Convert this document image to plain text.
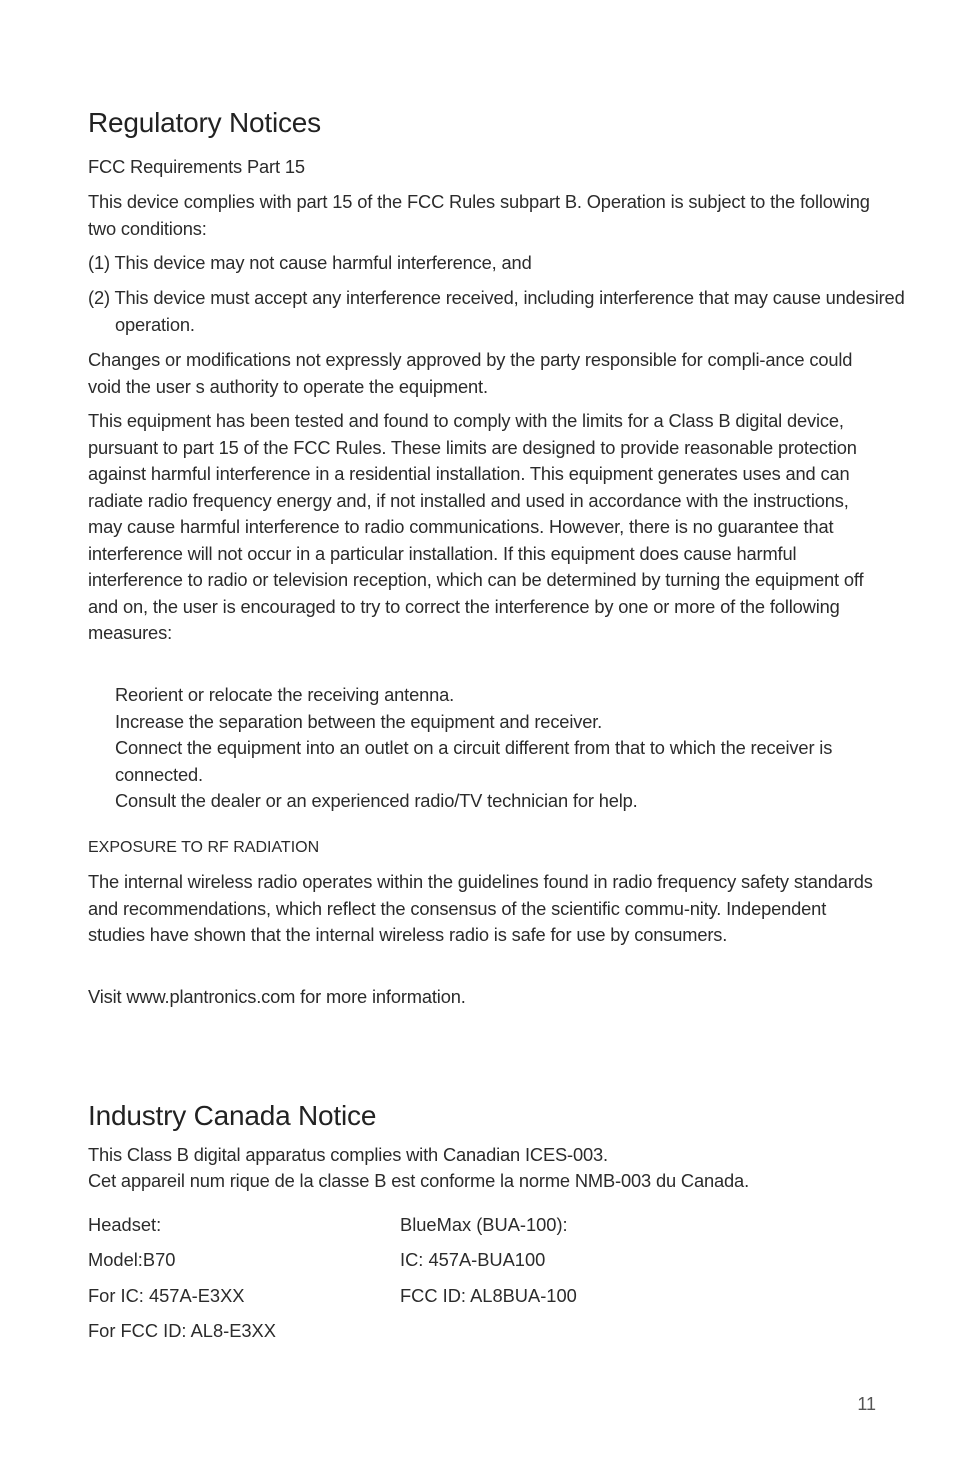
Regulatory Notices

FCC Requirements Part 15

This device complies with part 15 of the FCC Rules subpart B. Operation is subject to the following two conditions:

(1) This device may not cause harmful interference, and

(2) This device must accept any interference received, including interference that may cause undesired operation.

Changes or modifications not expressly approved by the party responsible for compli-ance could void the user s authority to operate the equipment.

This equipment has been tested and found to comply with the limits for a Class B digital device, pursuant to part 15 of the FCC Rules. These limits are designed to provide reasonable protection against harmful interference in a residential installation. This equipment generates uses and can radiate radio frequency energy and, if not installed and used in accordance with the instructions, may cause harmful interference to radio communications. However, there is no guarantee that interference will not occur in a particular installation. If this equipment does cause harmful interference to radio or television reception, which can be determined by turning the equipment off and on, the user is encouraged to try to correct the interference by one or more of the following measures:

Reorient or relocate the receiving antenna.

Increase the separation between the equipment and receiver.

Connect the equipment into an outlet on a circuit different from that to which the receiver is connected.

Consult the dealer or an experienced radio/TV technician for help.

EXPOSURE TO RF RADIATION

The internal wireless radio operates within the guidelines found in radio frequency safety standards and recommendations, which reflect the consensus of the scientific commu-nity. Independent studies have shown that the internal wireless radio is safe for use by consumers.

Visit www.plantronics.com for more information.

Industry Canada Notice

This Class B digital apparatus complies with Canadian ICES-003.

Cet appareil num rique de la classe B est conforme la norme NMB-003 du Canada.

Headset:	BlueMax (BUA-100):
Model:B70	IC: 457A-BUA100
For IC: 457A-E3XX	FCC ID: AL8BUA-100
For FCC ID: AL8-E3XX
11
